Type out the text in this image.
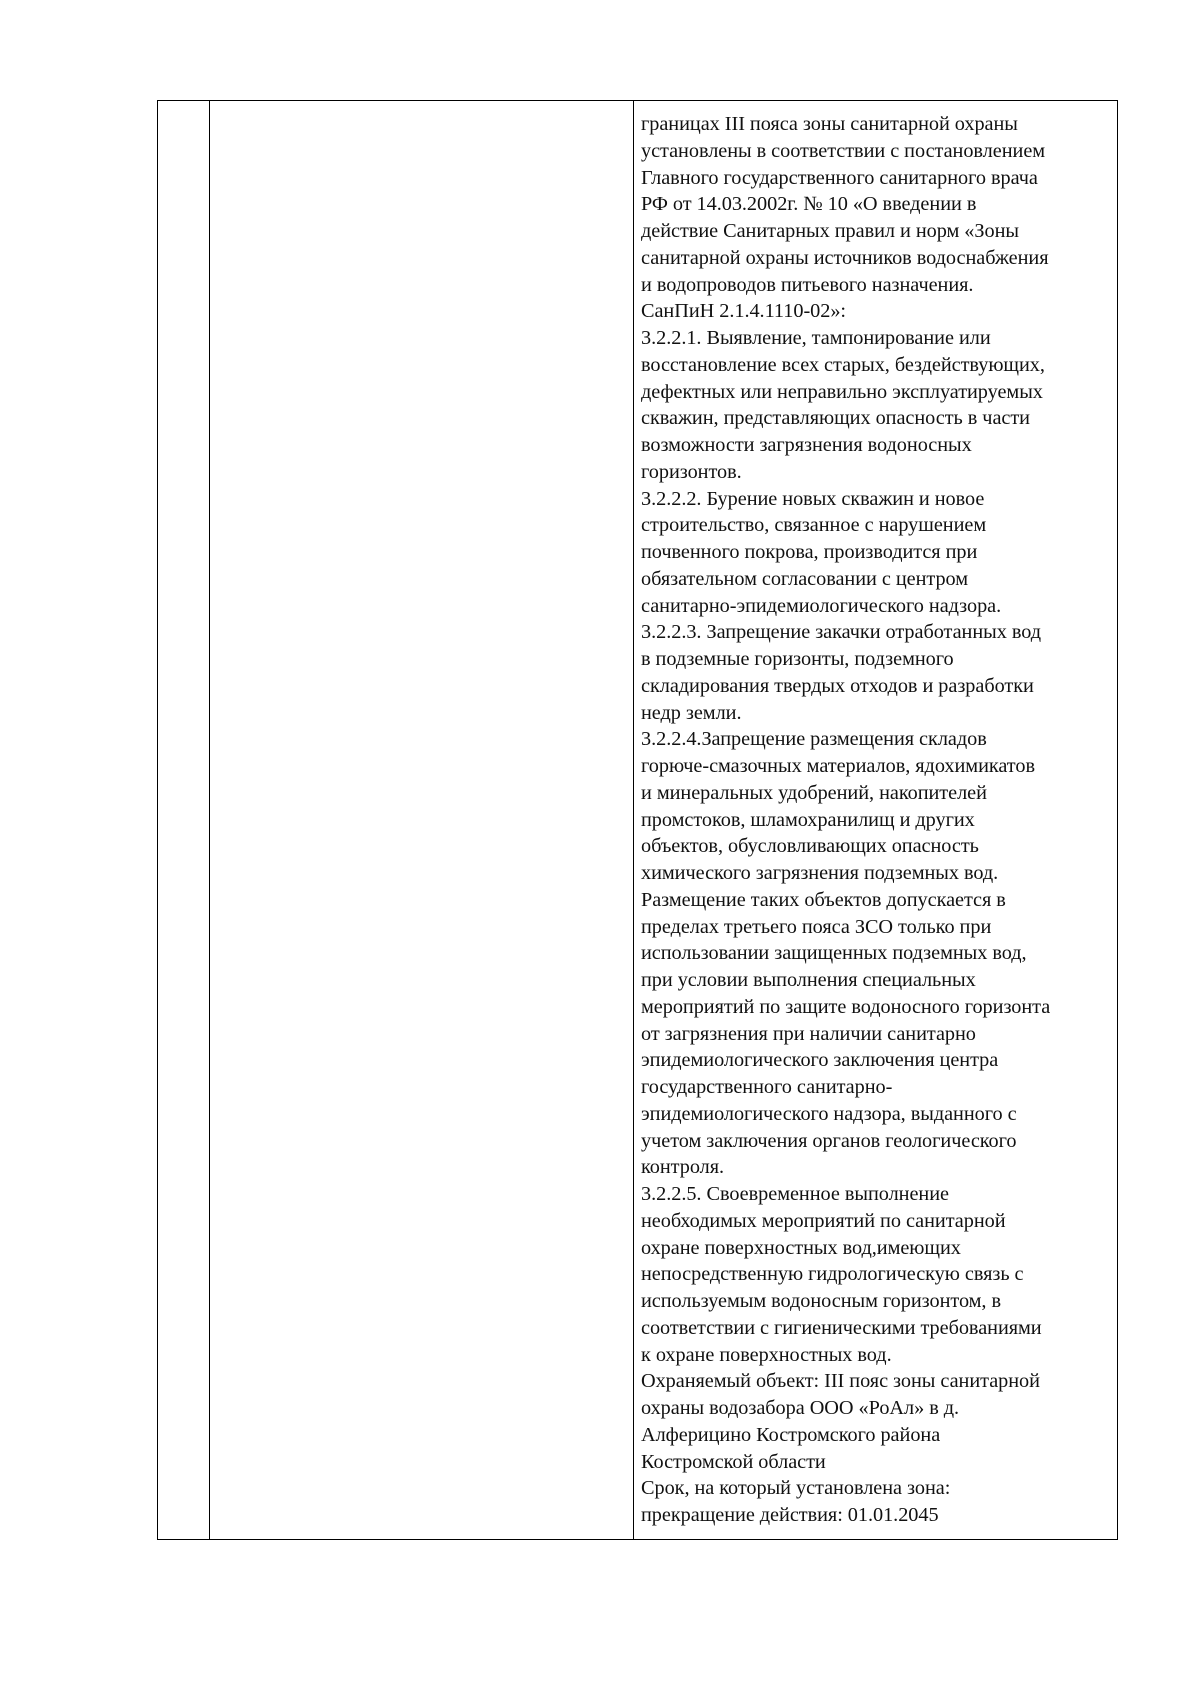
границах III пояса зоны санитарной охраны
установлены в соответствии с постановлением
Главного государственного санитарного врача
РФ от 14.03.2002г. № 10 «О введении в
действие Санитарных правил и норм «Зоны
санитарной охраны источников водоснабжения
и водопроводов питьевого назначения.
СанПиН 2.1.4.1110-02»:
3.2.2.1. Выявление, тампонирование или
восстановление всех старых, бездействующих,
дефектных или неправильно эксплуатируемых
скважин, представляющих опасность в части
возможности загрязнения водоносных
горизонтов.
3.2.2.2. Бурение новых скважин и новое
строительство, связанное с нарушением
почвенного покрова, производится при
обязательном согласовании с центром
санитарно-эпидемиологического надзора.
3.2.2.3. Запрещение закачки отработанных вод
в подземные горизонты, подземного
складирования твердых отходов и разработки
недр земли.
3.2.2.4.Запрещение размещения складов
горюче-смазочных материалов, ядохимикатов
и минеральных удобрений, накопителей
промстоков, шламохранилищ и других
объектов, обусловливающих опасность
химического загрязнения подземных вод.
Размещение таких объектов допускается в
пределах третьего пояса ЗСО только при
использовании защищенных подземных вод,
при условии выполнения специальных
мероприятий по защите водоносного горизонта
от загрязнения при наличии санитарно
эпидемиологического заключения центра
государственного санитарно-
эпидемиологического надзора, выданного с
учетом заключения органов геологического
контроля.
3.2.2.5. Своевременное выполнение
необходимых мероприятий по санитарной
охране поверхностных вод,имеющих
непосредственную гидрологическую связь с
используемым водоносным горизонтом, в
соответствии с гигиеническими требованиями
к охране поверхностных вод.
Охраняемый объект: III пояс зоны санитарной
охраны водозабора ООО «РоАл» в д.
Алферицино Костромского района
Костромской области
Срок, на который установлена зона:
прекращение действия: 01.01.2045
